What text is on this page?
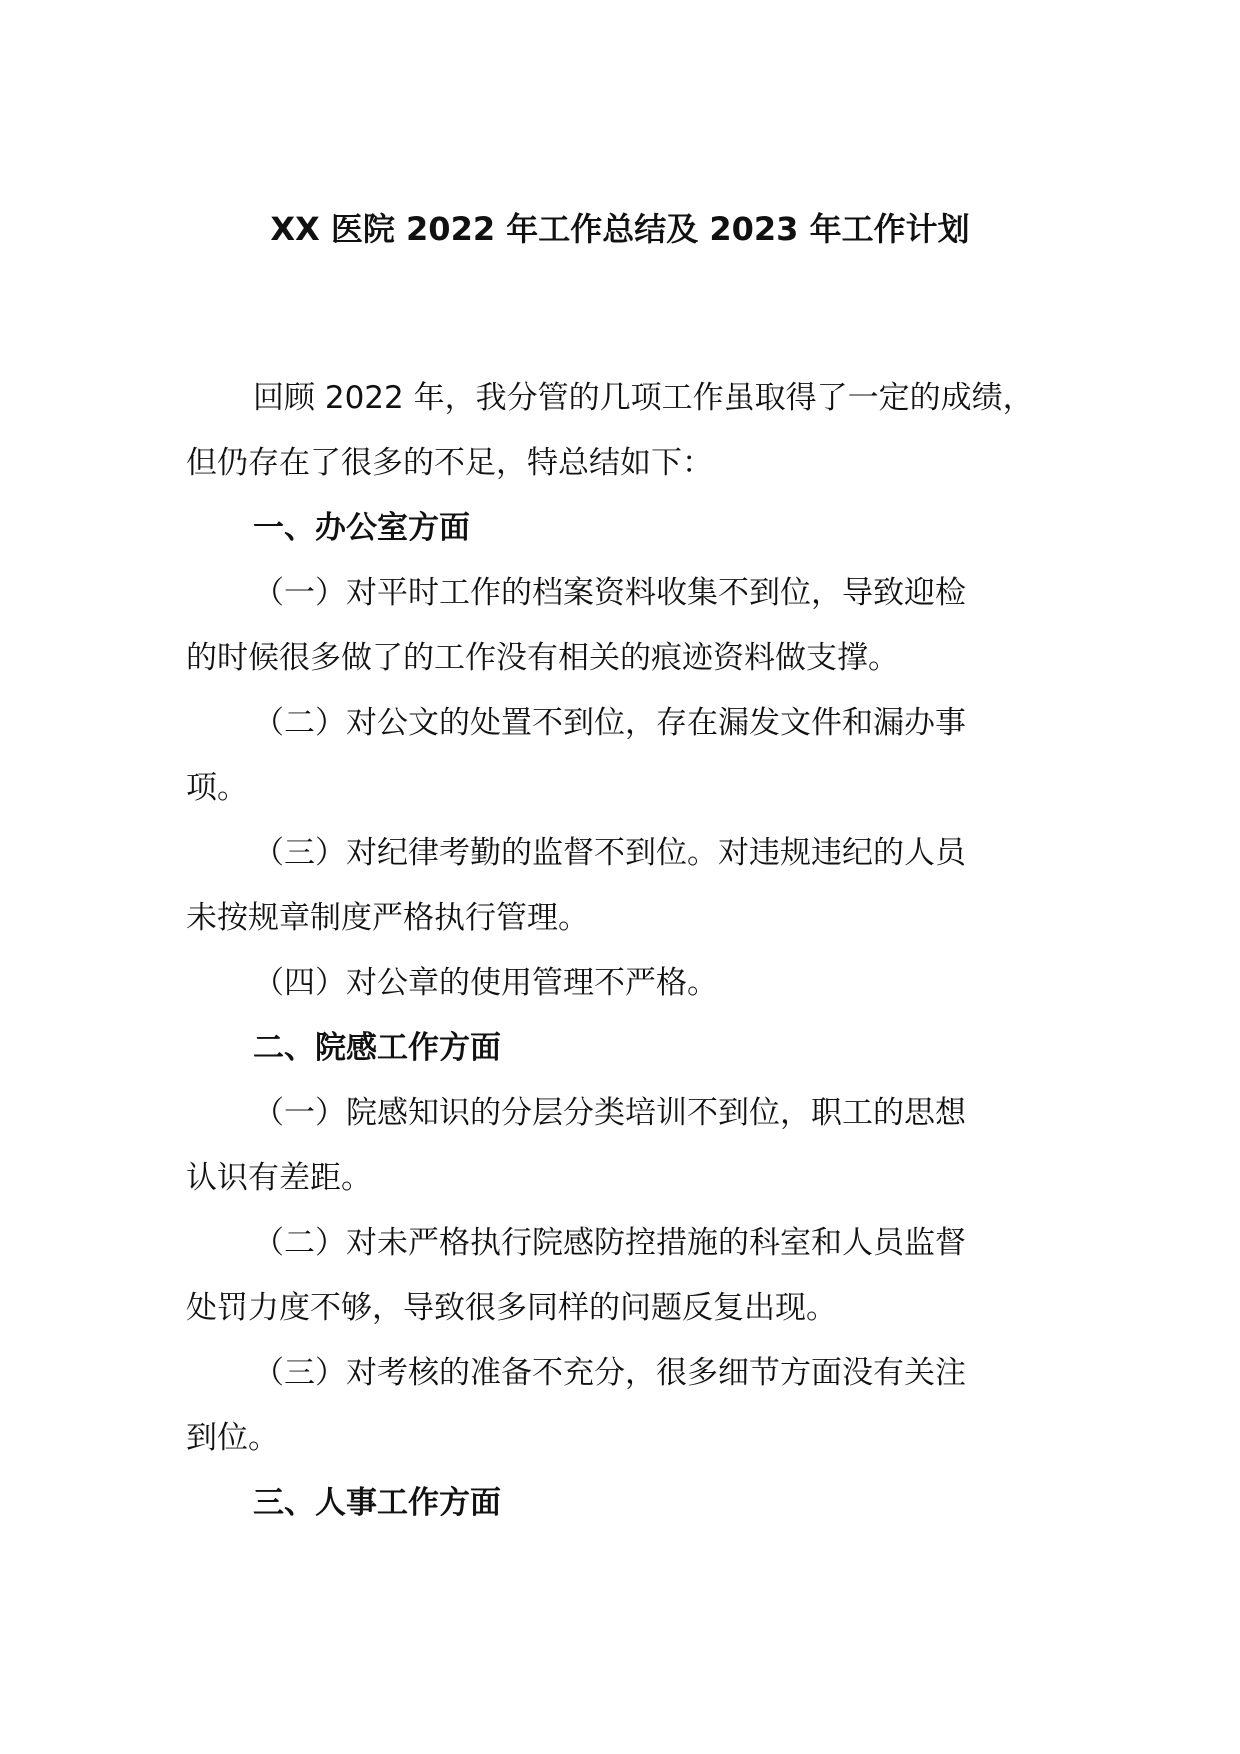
XX 医院 2022 年工作总结及 2023 年工作计划
回顾 2022 年，我分管的几项工作虽取得了一定的成绩，
但仍存在了很多的不足，特总结如下：
一、办公室方面
（一）对平时工作的档案资料收集不到位，导致迎检
的时候很多做了的工作没有相关的痕迹资料做支撑。
（二）对公文的处置不到位，存在漏发文件和漏办事
项。
（三）对纪律考勤的监督不到位。对违规违纪的人员
未按规章制度严格执行管理。
（四）对公章的使用管理不严格。
二、院感工作方面
（一）院感知识的分层分类培训不到位，职工的思想
认识有差距。
（二）对未严格执行院感防控措施的科室和人员监督
处罚力度不够，导致很多同样的问题反复出现。
（三）对考核的准备不充分，很多细节方面没有关注
到位。
三、人事工作方面
